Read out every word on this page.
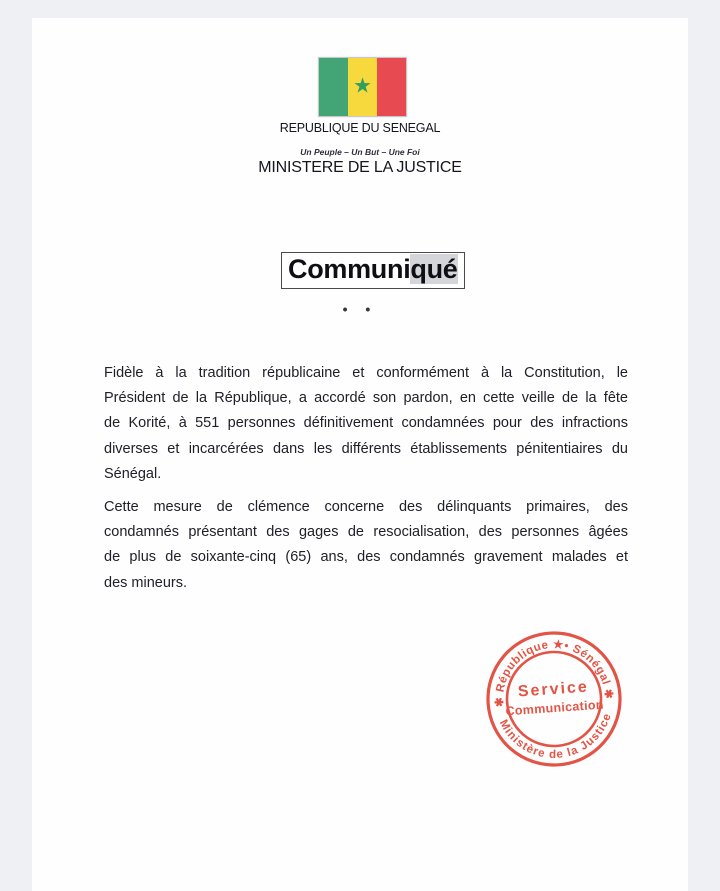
★
REPUBLIQUE DU SENEGAL
Un Peuple – Un But – Une Foi
MINISTERE DE LA JUSTICE
Communiqué
• •
Fidèle à la tradition républicaine et conformément à la Constitution, le
Président de la République, a accordé son pardon, en cette veille de la fête
de Korité, à 551 personnes définitivement condamnées pour des infractions
diverses et incarcérées dans les différents établissements pénitentiaires du
Sénégal.
Cette mesure de clémence concerne des délinquants primaires, des
condamnés présentant des gages de resocialisation, des personnes âgées
de plus de soixante-cinq (65) ans, des condamnés gravement malades et
des mineurs.
✱ République ★• Sénégal ✱
Ministère de la Justice
Service
Communication
